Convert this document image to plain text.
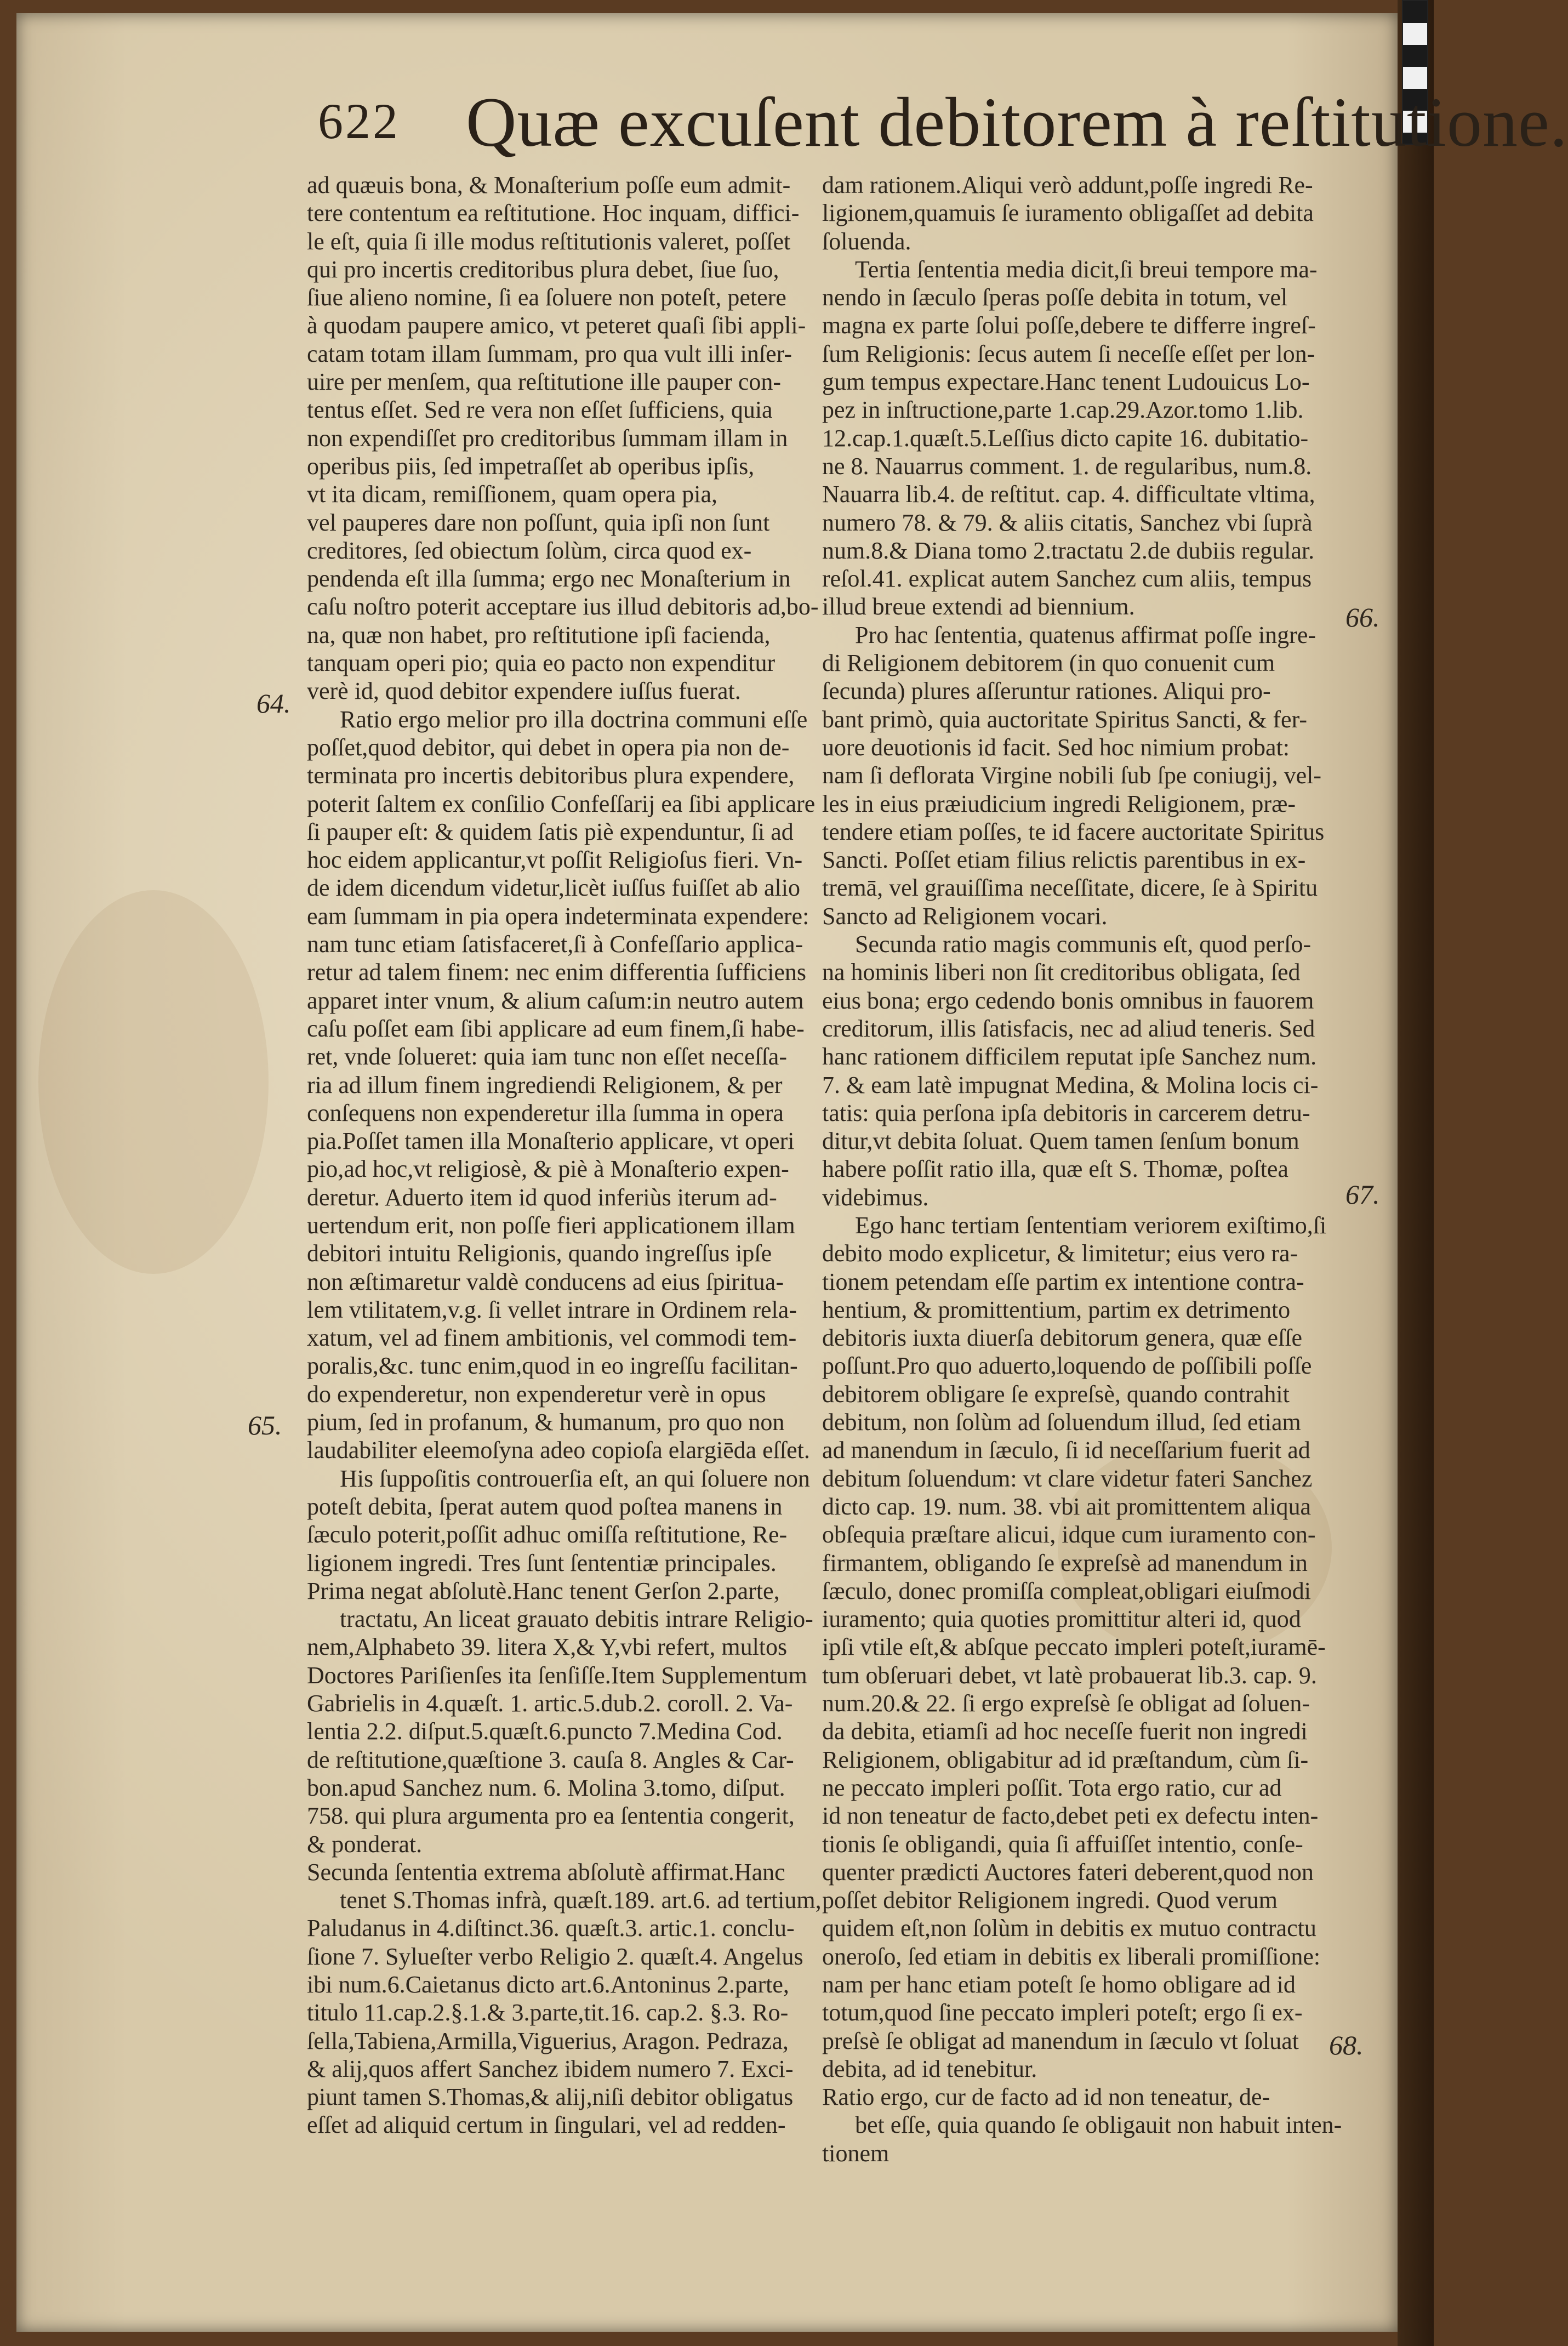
622 Quæ excuſent debitorem à reſtitutione.
64.
65.
66.
67.
68.
ad quæuis bona, & Monaſterium poſſe eum admit-
tere contentum ea reſtitutione. Hoc inquam, diffici-
le eſt, quia ſi ille modus reſtitutionis valeret, poſſet
qui pro incertis creditoribus plura debet, ſiue ſuo,
ſiue alieno nomine, ſi ea ſoluere non poteſt, petere
à quodam paupere amico, vt peteret quaſi ſibi appli-
catam totam illam ſummam, pro qua vult illi inſer-
uire per menſem, qua reſtitutione ille pauper con-
tentus eſſet. Sed re vera non eſſet ſufficiens, quia
non expendiſſet pro creditoribus ſummam illam in
operibus piis, ſed impetraſſet ab operibus ipſis,
vt ita dicam, remiſſionem, quam opera pia,
vel pauperes dare non poſſunt, quia ipſi non ſunt
creditores, ſed obiectum ſolùm, circa quod ex-
pendenda eſt illa ſumma; ergo nec Monaſterium in
caſu noſtro poterit acceptare ius illud debitoris ad,bo-
na, quæ non habet, pro reſtitutione ipſi facienda,
tanquam operi pio; quia eo pacto non expenditur
verè id, quod debitor expendere iuſſus fuerat.
Ratio ergo melior pro illa doctrina communi eſſe
poſſet,quod debitor, qui debet in opera pia non de-
terminata pro incertis debitoribus plura expendere,
poterit ſaltem ex conſilio Confeſſarij ea ſibi applicare
ſi pauper eſt: & quidem ſatis piè expenduntur, ſi ad
hoc eidem applicantur,vt poſſit Religioſus fieri. Vn-
de idem dicendum videtur,licèt iuſſus fuiſſet ab alio
eam ſummam in pia opera indeterminata expendere:
nam tunc etiam ſatisfaceret,ſi à Confeſſario applica-
retur ad talem finem: nec enim differentia ſufficiens
apparet inter vnum, & alium caſum:in neutro autem
caſu poſſet eam ſibi applicare ad eum finem,ſi habe-
ret, vnde ſolueret: quia iam tunc non eſſet neceſſa-
ria ad illum finem ingrediendi Religionem, & per
conſequens non expenderetur illa ſumma in opera
pia.Poſſet tamen illa Monaſterio applicare, vt operi
pio,ad hoc,vt religiosè, & piè à Monaſterio expen-
deretur. Aduerto item id quod inferiùs iterum ad-
uertendum erit, non poſſe fieri applicationem illam
debitori intuitu Religionis, quando ingreſſus ipſe
non æſtimaretur valdè conducens ad eius ſpiritua-
lem vtilitatem,v.g. ſi vellet intrare in Ordinem rela-
xatum, vel ad finem ambitionis, vel commodi tem-
poralis,&c. tunc enim,quod in eo ingreſſu facilitan-
do expenderetur, non expenderetur verè in opus
pium, ſed in profanum, & humanum, pro quo non
laudabiliter eleemoſyna adeo copioſa elargiēda eſſet.
His ſuppoſitis controuerſia eſt, an qui ſoluere non
poteſt debita, ſperat autem quod poſtea manens in
ſæculo poterit,poſſit adhuc omiſſa reſtitutione, Re-
ligionem ingredi. Tres ſunt ſententiæ principales.
Prima negat abſolutè.Hanc tenent Gerſon 2.parte,
tractatu, An liceat grauato debitis intrare Religio-
nem,Alphabeto 39. litera X,& Y,vbi refert, multos
Doctores Pariſienſes ita ſenſiſſe.Item Supplementum
Gabrielis in 4.quæſt. 1. artic.5.dub.2. coroll. 2. Va-
lentia 2.2. diſput.5.quæſt.6.puncto 7.Medina Cod.
de reſtitutione,quæſtione 3. cauſa 8. Angles & Car-
bon.apud Sanchez num. 6. Molina 3.tomo, diſput.
758. qui plura argumenta pro ea ſententia congerit,
& ponderat.
Secunda ſententia extrema abſolutè affirmat.Hanc
tenet S.Thomas infrà, quæſt.189. art.6. ad tertium,
Paludanus in 4.diſtinct.36. quæſt.3. artic.1. conclu-
ſione 7. Sylueſter verbo Religio 2. quæſt.4. Angelus
ibi num.6.Caietanus dicto art.6.Antoninus 2.parte,
titulo 11.cap.2.§.1.& 3.parte,tit.16. cap.2. §.3. Ro-
ſella,Tabiena,Armilla,Viguerius, Aragon. Pedraza,
& alij,quos affert Sanchez ibidem numero 7. Exci-
piunt tamen S.Thomas,& alij,niſi debitor obligatus
eſſet ad aliquid certum in ſingulari, vel ad redden-
dam rationem.Aliqui verò addunt,poſſe ingredi Re-
ligionem,quamuis ſe iuramento obligaſſet ad debita
ſoluenda.
Tertia ſententia media dicit,ſi breui tempore ma-
nendo in ſæculo ſperas poſſe debita in totum, vel
magna ex parte ſolui poſſe,debere te differre ingreſ-
ſum Religionis: ſecus autem ſi neceſſe eſſet per lon-
gum tempus expectare.Hanc tenent Ludouicus Lo-
pez in inſtructione,parte 1.cap.29.Azor.tomo 1.lib.
12.cap.1.quæſt.5.Leſſius dicto capite 16. dubitatio-
ne 8. Nauarrus comment. 1. de regularibus, num.8.
Nauarra lib.4. de reſtitut. cap. 4. difficultate vltima,
numero 78. & 79. & aliis citatis, Sanchez vbi ſuprà
num.8.& Diana tomo 2.tractatu 2.de dubiis regular.
reſol.41. explicat autem Sanchez cum aliis, tempus
illud breue extendi ad biennium.
Pro hac ſententia, quatenus affirmat poſſe ingre-
di Religionem debitorem (in quo conuenit cum
ſecunda) plures aſſeruntur rationes. Aliqui pro-
bant primò, quia auctoritate Spiritus Sancti, & fer-
uore deuotionis id facit. Sed hoc nimium probat:
nam ſi deflorata Virgine nobili ſub ſpe coniugij, vel-
les in eius præiudicium ingredi Religionem, præ-
tendere etiam poſſes, te id facere auctoritate Spiritus
Sancti. Poſſet etiam filius relictis parentibus in ex-
tremā, vel grauiſſima neceſſitate, dicere, ſe à Spiritu
Sancto ad Religionem vocari.
Secunda ratio magis communis eſt, quod perſo-
na hominis liberi non ſit creditoribus obligata, ſed
eius bona; ergo cedendo bonis omnibus in fauorem
creditorum, illis ſatisfacis, nec ad aliud teneris. Sed
hanc rationem difficilem reputat ipſe Sanchez num.
7. & eam latè impugnat Medina, & Molina locis ci-
tatis: quia perſona ipſa debitoris in carcerem detru-
ditur,vt debita ſoluat. Quem tamen ſenſum bonum
habere poſſit ratio illa, quæ eſt S. Thomæ, poſtea
videbimus.
Ego hanc tertiam ſententiam veriorem exiſtimo,ſi
debito modo explicetur, & limitetur; eius vero ra-
tionem petendam eſſe partim ex intentione contra-
hentium, & promittentium, partim ex detrimento
debitoris iuxta diuerſa debitorum genera, quæ eſſe
poſſunt.Pro quo aduerto,loquendo de poſſibili poſſe
debitorem obligare ſe expreſsè, quando contrahit
debitum, non ſolùm ad ſoluendum illud, ſed etiam
ad manendum in ſæculo, ſi id neceſſarium fuerit ad
debitum ſoluendum: vt clare videtur fateri Sanchez
dicto cap. 19. num. 38. vbi ait promittentem aliqua
obſequia præſtare alicui, idque cum iuramento con-
firmantem, obligando ſe expreſsè ad manendum in
ſæculo, donec promiſſa compleat,obligari eiuſmodi
iuramento; quia quoties promittitur alteri id, quod
ipſi vtile eſt,& abſque peccato impleri poteſt,iuramē-
tum obſeruari debet, vt latè probauerat lib.3. cap. 9.
num.20.& 22. ſi ergo expreſsè ſe obligat ad ſoluen-
da debita, etiamſi ad hoc neceſſe fuerit non ingredi
Religionem, obligabitur ad id præſtandum, cùm ſi-
ne peccato impleri poſſit. Tota ergo ratio, cur ad
id non teneatur de facto,debet peti ex defectu inten-
tionis ſe obligandi, quia ſi affuiſſet intentio, conſe-
quenter prædicti Auctores fateri deberent,quod non
poſſet debitor Religionem ingredi. Quod verum
quidem eſt,non ſolùm in debitis ex mutuo contractu
oneroſo, ſed etiam in debitis ex liberali promiſſione:
nam per hanc etiam poteſt ſe homo obligare ad id
totum,quod ſine peccato impleri poteſt; ergo ſi ex-
preſsè ſe obligat ad manendum in ſæculo vt ſoluat
debita, ad id tenebitur.
Ratio ergo, cur de facto ad id non teneatur, de-
bet eſſe, quia quando ſe obligauit non habuit inten-
tionem
